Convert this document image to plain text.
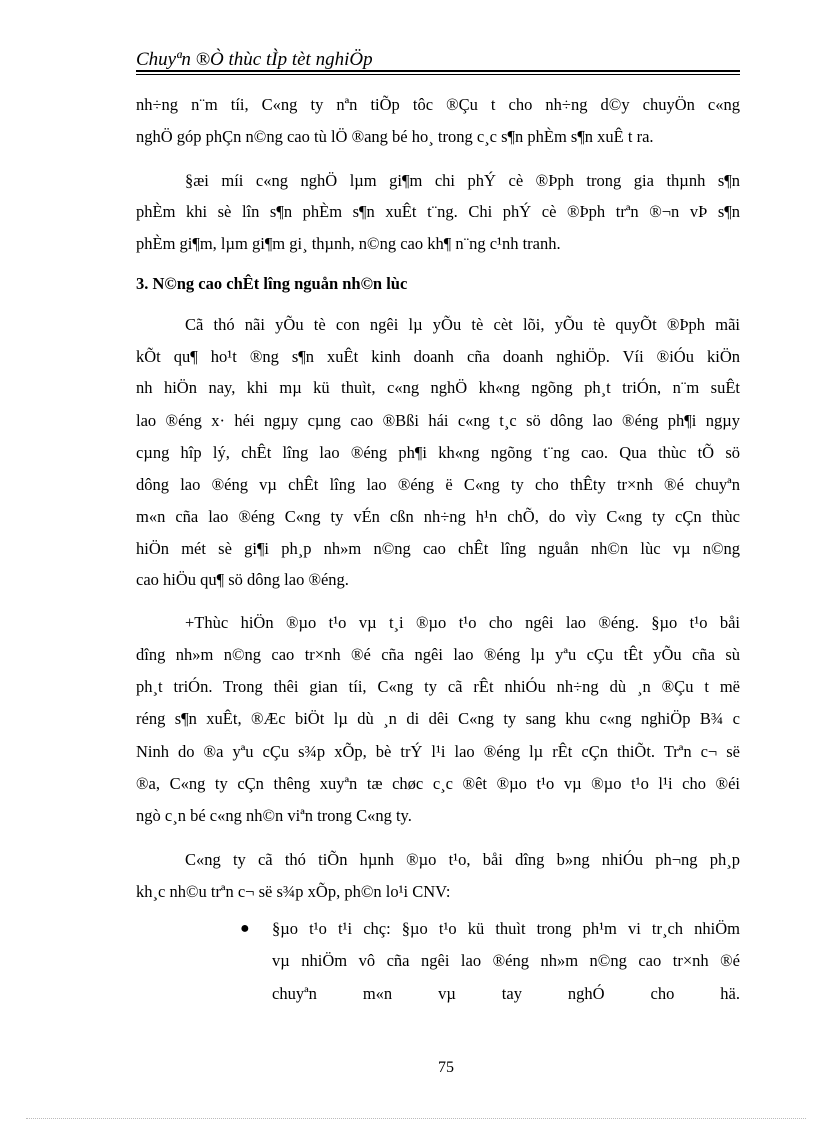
Chuyªn ®Ò thùc tÌp tèt nghiÖp
nh÷ng n¨m tíi, C«ng ty nªn tiÕp tôc ®Çu t cho nh÷ng d©y chuyÖn c«ng
nghÖ góp phÇn n©ng cao tù lÖ ®ang bé ho¸ trong c¸c s¶n phÈm s¶n xuÊ t ra.
§æi míi c«ng nghÖ lµm gi¶m chi phÝ cè ®Þph trong gia thµnh s¶n
phÈm khi sè lîn s¶n phÈm s¶n xuÊt t¨ng. Chi phÝ cè ®Þph trªn ®¬n vÞ s¶n
phÈm gi¶m, lµm gi¶m gi¸ thµnh, n©ng cao kh¶ n¨ng c¹nh tranh.
3. N©ng cao chÊt lîng nguån nh©n lùc
Cã thó nãi yÕu tè con ngêi lµ yÕu tè cèt lõi, yÕu tè quyÕt ®Þph mãi
kÕt qu¶ ho¹t ®ng s¶n xuÊt kinh doanh cña doanh nghiÖp. Víi ®iÓu kiÖn
nh hiÖn nay, khi mµ kü thuìt, c«ng nghÖ kh«ng ngõng ph¸t triÓn, n¨m suÊt
lao ®éng x· héi ngµy cµng cao ®Bßi hái c«ng t¸c sö dông lao ®éng ph¶i ngµy
cµng hîp lý, chÊt lîng lao ®éng ph¶i kh«ng ngõng t¨ng cao. Qua thùc tÕ sö
dông lao ®éng vµ chÊt lîng lao ®éng ë C«ng ty cho thÊty tr×nh ®é chuyªn
m«n cña lao ®éng C«ng ty vÉn cßn nh÷ng h¹n chÕ, do vìy C«ng ty cÇn thùc
hiÖn mét sè gi¶i ph¸p nh»m n©ng cao chÊt lîng nguån nh©n lùc vµ n©ng
cao hiÖu qu¶ sö dông lao ®éng.
+Thùc hiÖn ®µo t¹o vµ t¸i ®µo t¹o cho ngêi lao ®éng. §µo t¹o båi
dîng nh»m n©ng cao tr×nh ®é cña ngêi lao ®éng lµ yªu cÇu tÊt yÕu cña sù
ph¸t triÓn. Trong thêi gian tíi, C«ng ty cã rÊt nhiÓu nh÷ng dù ¸n ®Çu t më
réng s¶n xuÊt, ®Æc biÖt lµ dù ¸n di dêi C«ng ty sang khu c«ng nghiÖp B¾ c
Ninh do ®a yªu cÇu s¾p xÕp, bè trÝ l¹i lao ®éng lµ rÊt cÇn thiÕt. Trªn c¬ së
®a, C«ng ty cÇn thêng xuyªn tæ chøc c¸c ®êt ®µo t¹o vµ ®µo t¹o l¹i cho ®éi
ngò c¸n bé c«ng nh©n viªn trong C«ng ty.
C«ng ty cã thó tiÕn hµnh ®µo t¹o, båi dîng b»ng nhiÓu ph¬ng ph¸p
kh¸c nh©u trªn c¬ së s¾p xÕp, ph©n lo¹i CNV:
● §µo t¹o t¹i chç: §µo t¹o kü thuìt trong ph¹m vi tr¸ch nhiÖm
vµ nhiÖm vô cña ngêi lao ®éng nh»m n©ng cao tr×nh ®é
chuyªn m«n vµ tay nghÓ cho hä.
75
